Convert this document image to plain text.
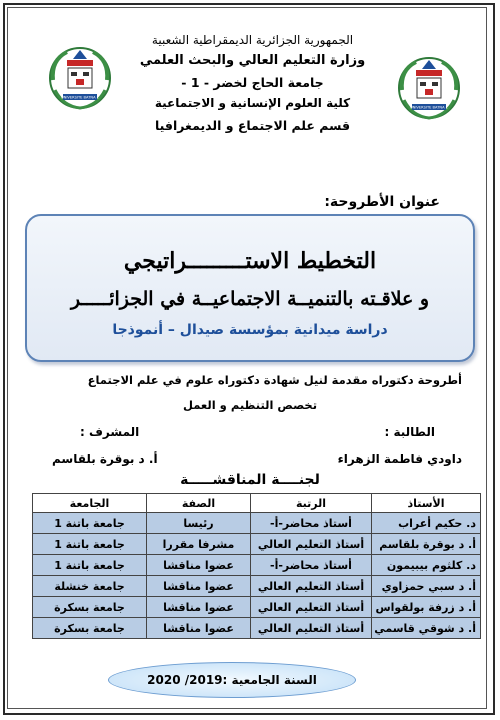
UNIVERSITE BATNA 1
UNIVERSITE BATNA 1
الجمهورية الجزائرية الديمقراطية الشعبية
وزارة التعليم العالي والبحث العلمي
جامعة الحاج لخضر - 1 -
كلية العلوم الإنسانية و الاجتماعية
قسم علم الاجتماع و الديمغرافيا
عنوان الأطروحة:
التخطيط الاستـــــــــراتيجي
و علاقـته بالتنميــة الاجتماعيــة في الجزائـــــر
دراسة ميدانية بمؤسسة صيدال – أنموذجا
أطروحة دكتوراه مقدمة لنيل شهادة دكتوراه علوم في علم الاجتماع
تخصص التنظيم و العمل
الطالبة :
داودي فاطمة الزهراء
المشرف :
أ. د بوقرة بلقاسم
لجنــــة المناقشـــــة
الأستاذ	الرتبة	الصفة	الجامعة
د. حكيم أعراب	أستاذ محاضر-أ-	رئيسا	جامعة باتنة 1
أ. د بوقرة بلقاسم	أستاذ التعليم العالي	مشرفا مقررا	جامعة باتنة 1
د. كلثوم بيبيمون	أستاذ محاضر-أ-	عضوا مناقشا	جامعة باتنة 1
أ. د سبي حمزاوي	أستاذ التعليم العالي	عضوا مناقشا	جامعة خنشلة
أ. د زرفة بولقواس	أستاذ التعليم العالي	عضوا مناقشا	جامعة بسكرة
أ. د شوقي قاسمي	أستاذ التعليم العالي	عضوا مناقشا	جامعة بسكرة
السنة الجامعية :2019/ 2020
